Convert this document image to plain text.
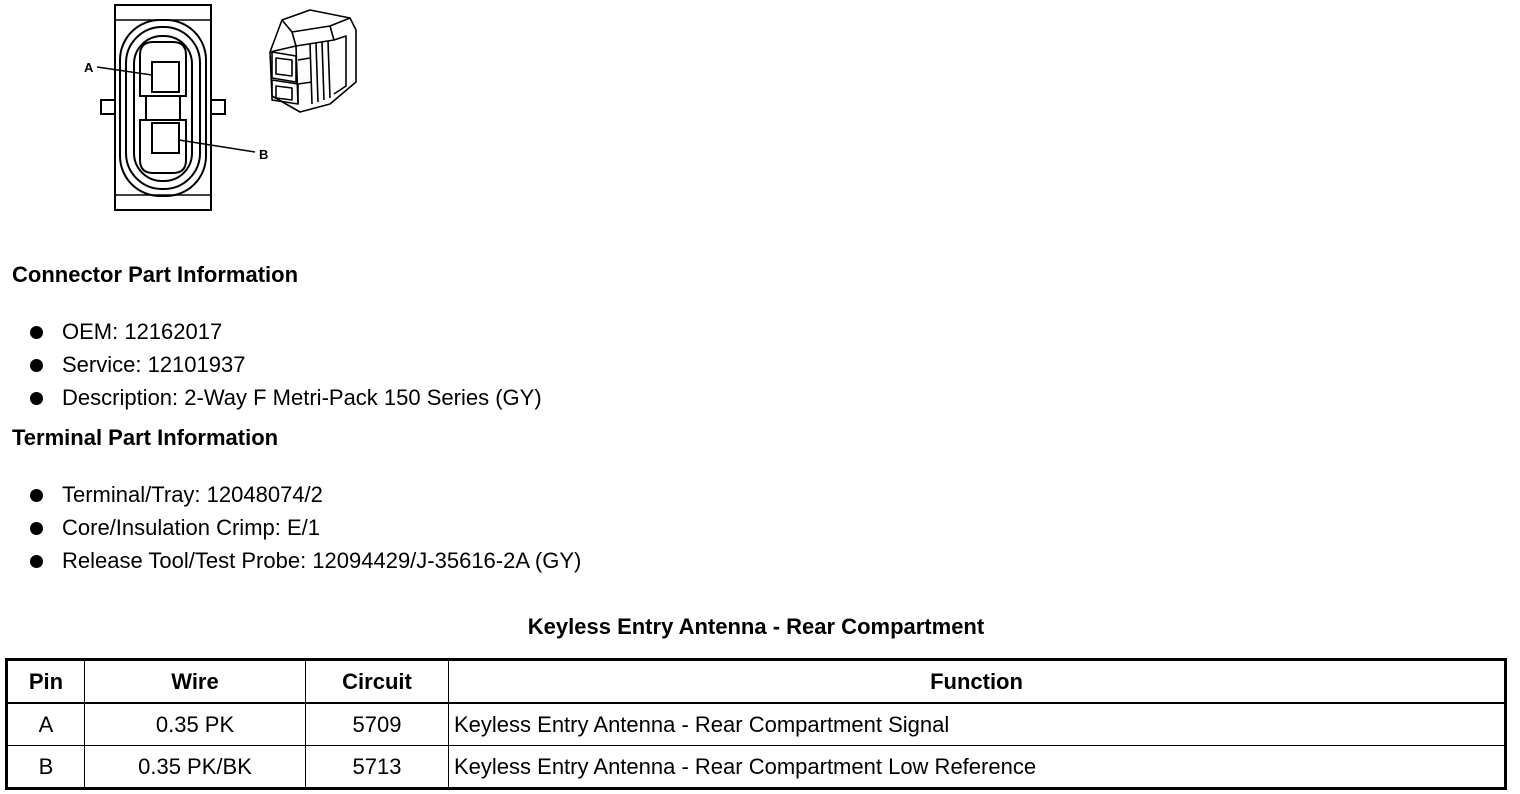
A
B
Connector Part Information
OEM: 12162017
Service: 12101937
Description: 2-Way F Metri-Pack 150 Series (GY)
Terminal Part Information
Terminal/Tray: 12048074/2
Core/Insulation Crimp: E/1
Release Tool/Test Probe: 12094429/J-35616-2A (GY)
Keyless Entry Antenna - Rear Compartment
Pin	Wire	Circuit	Function
A	0.35 PK	5709	Keyless Entry Antenna - Rear Compartment Signal
B	0.35 PK/BK	5713	Keyless Entry Antenna - Rear Compartment Low Reference
